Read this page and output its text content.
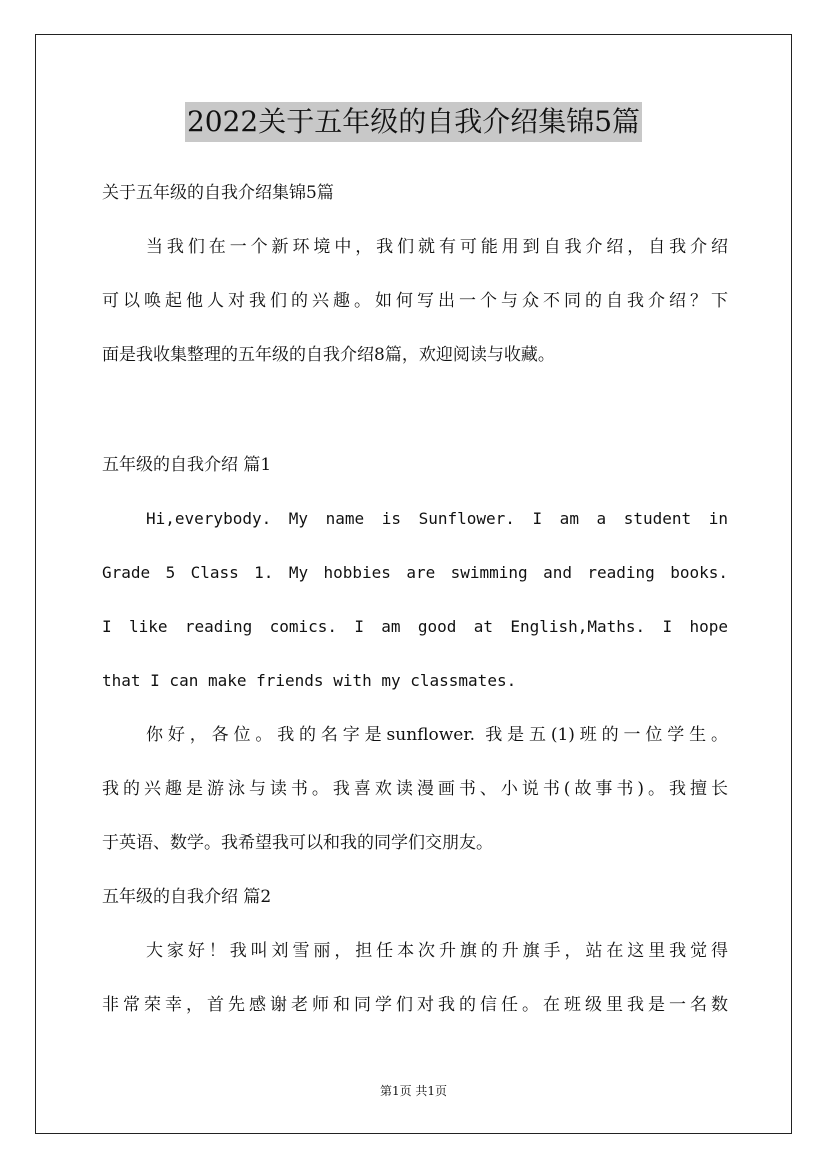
2022关于五年级的自我介绍集锦5篇
关于五年级的自我介绍集锦5篇
当我们在一个新环境中，我们就有可能用到自我介绍，自我介绍
可以唤起他人对我们的兴趣。如何写出一个与众不同的自我介绍？下
面是我收集整理的五年级的自我介绍8篇，欢迎阅读与收藏。
五年级的自我介绍 篇1
Hi,everybody. My name is Sunflower. I am a student in
Grade 5 Class 1. My hobbies are swimming and reading books.
I like reading comics. I am good at English,Maths. I hope
that I can make friends with my classmates.
你好，各位。我的名字是sunflower. 我是五(1)班的一位学生。
我的兴趣是游泳与读书。我喜欢读漫画书、小说书(故事书)。我擅长
于英语、数学。我希望我可以和我的同学们交朋友。
五年级的自我介绍 篇2
大家好！我叫刘雪丽，担任本次升旗的升旗手，站在这里我觉得
非常荣幸，首先感谢老师和同学们对我的信任。在班级里我是一名数
第1页 共1页
